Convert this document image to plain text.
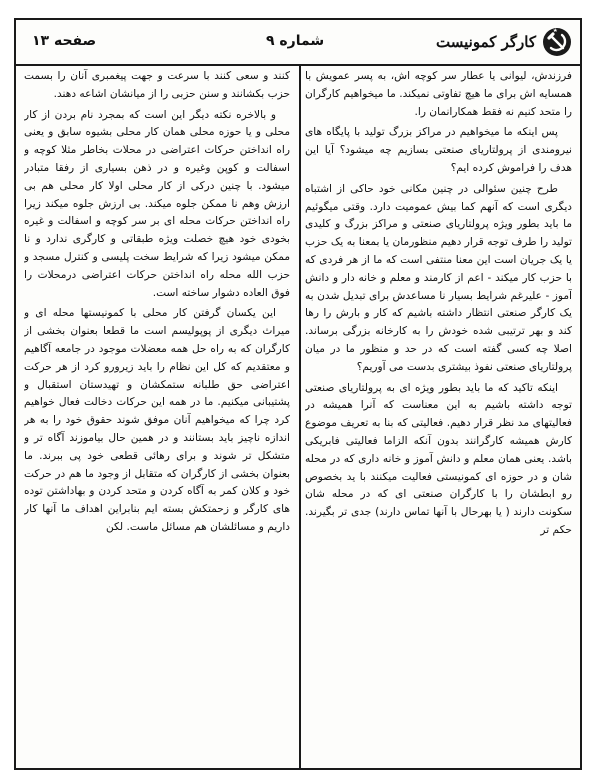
کارگر کمونیست
شماره ۹
صفحه ۱۳

فرزندش، لیوانی یا عطار سر کوچه اش، به پسر عمویش با همسایه اش برای ما هیچ تفاوتی نمیکند. ما میخواهیم کارگران را متحد کنیم نه فقط همکارانمان را.

پس اینکه ما میخواهیم در مراکز بزرگ تولید با پایگاه های نیرومندی از پرولتاریای صنعتی بسازیم چه میشود؟ آیا این هدف را فراموش کرده ایم؟

طرح چنین سئوالی در چنین مکانی خود حاکی از اشتباه دیگری است که آنهم کما بیش عمومیت دارد. وقتی میگوئیم ما باید بطور ویژه پرولتاریای صنعتی و مراکز بزرگ و کلیدی تولید را طرف توجه قرار دهیم منظورمان یا بمعنا به یک حزب یا یک جریان است این معنا منتفی است که ما از هر فردی که با حزب کار میکند - اعم از کارمند و معلم و خانه دار و دانش آموز - علیرغم شرایط بسیار نا مساعدش برای تبدیل شدن به یک کارگر صنعتی انتظار داشته باشیم که کار و بارش را رها کند و بهر ترتیبی شده خودش را به کارخانه بزرگی برساند. اصلا چه کسی گفته است که در حد و منظور ما در میان پرولتاریای صنعتی نفوذ بیشتری بدست می آوریم؟

اینکه تاکید که ما باید بطور ویژه ای به پرولتاریای صنعتی توجه داشته باشیم به این معناست که آنرا همیشه در فعالیتهای مد نظر قرار دهیم. فعالیتی که بنا به تعریف موضوع کارش همیشه کارگرانند بدون آنکه الزاما فعالیتی فابریکی باشد. یعنی همان معلم و دانش آموز و خانه داری که در محله شان و در حوزه ای کمونیستی فعالیت میکنند با ید بخصوص رو ابطشان را با کارگران صنعتی ای که در محله شان سکونت دارند ( یا بهرحال با آنها تماس دارند) جدی تر بگیرند. حکم تر

کنند و سعی کنند با سرعت و جهت پیغمبری آنان را بسمت حزب بکشانند و سنن حزبی را از میانشان اشاعه دهند.

و بالاخره نکته دیگر این است که بمجرد نام بردن از کار محلی و یا حوزه محلی همان کار محلی بشیوه سابق و یعنی راه انداختن حرکات اعتراضی در محلات بخاطر مثلا کوچه و اسفالت و کوپن وغیره و در ذهن بسیاری از رفقا متبادر میشود. با چنین درکی از کار محلی اولا کار محلی هم بی ارزش وهم نا ممکن جلوه میکند. بی ارزش جلوه میکند زیرا راه انداختن حرکات محله ای بر سر کوچه و اسفالت و غیره بخودی خود هیچ خصلت ویژه طبقاتی و کارگری ندارد و نا ممکن میشود زیرا که شرایط سخت پلیسی و کنترل مسجد و حزب الله محله راه انداختن حرکات اعتراضی درمحلات را فوق العاده دشوار ساخته است.

این یکسان گرفتن کار محلی با کمونیستها محله ای و میراث دیگری از پوپولیسم است ما قطعا بعنوان بخشی از کارگران که به راه حل همه معضلات موجود در جامعه آگاهیم و معتقدیم که کل این نظام را باید زیرورو کرد از هر حرکت اعتراضی حق طلبانه ستمکشان و تهیدستان استقبال و پشتیبانی میکنیم. ما در همه این حرکات دخالت فعال خواهیم کرد چرا که میخواهیم آنان موفق شوند حقوق خود را به هر اندازه ناچیز باید بستانند و در همین حال بیاموزند آگاه تر و متشکل تر شوند و برای رهائی قطعی خود پی ببرند. ما بعنوان بخشی از کارگران که متقابل از وجود ما هم در حرکت خود و کلان کمر به آگاه کردن و متحد کردن و بهاداشتن توده های کارگر و زحمتکش بسته ایم بنابراین اهداف ما آنها کار داریم و مسائلشان هم مسائل ماست. لکن
